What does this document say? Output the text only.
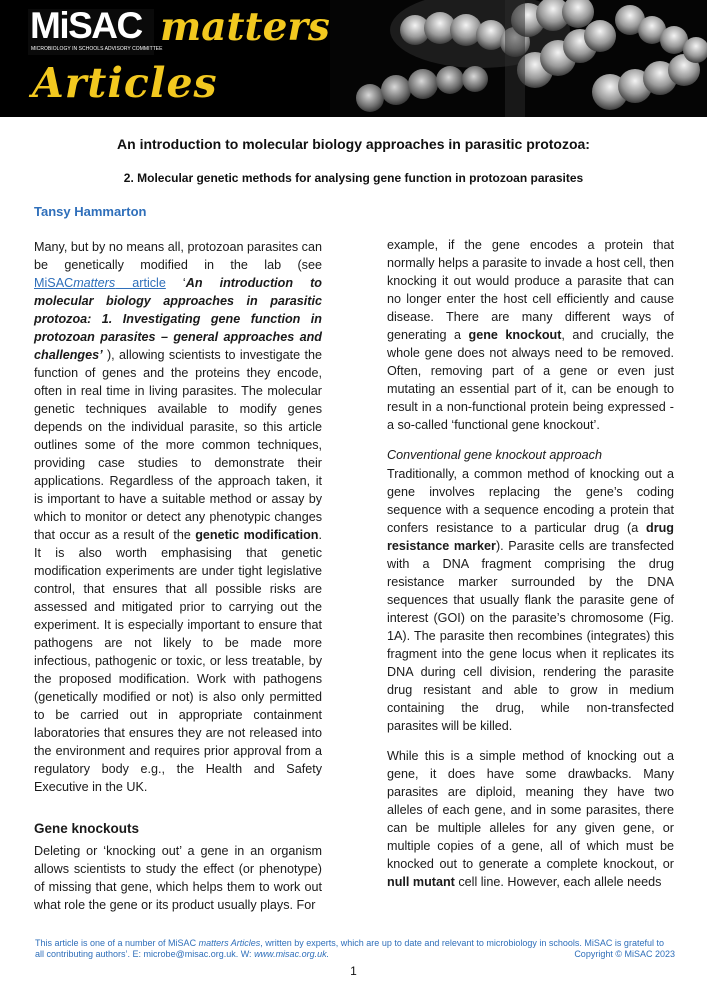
MiSAC
MICROBIOLOGY IN SCHOOLS ADVISORY COMMITTEE
matters
Articles
An introduction to molecular biology approaches in parasitic protozoa:
2. Molecular genetic methods for analysing gene function in protozoan parasites
Tansy Hammarton

Many, but by no means all, protozoan parasites can be genetically modified in the lab (see MiSACmatters article ‘An introduction to molecular biology approaches in parasitic protozoa: 1. Investigating gene function in protozoan parasites – general approaches and challenges’ ), allowing scientists to investigate the function of genes and the proteins they encode, often in real time in living parasites. The molecular genetic techniques available to modify genes depends on the individual parasite, so this article outlines some of the more common techniques, providing case studies to demonstrate their applications. Regardless of the approach taken, it is important to have a suitable method or assay by which to monitor or detect any phenotypic changes that occur as a result of the genetic modification. It is also worth emphasising that genetic modification experiments are under tight legislative control, that ensures that all possible risks are assessed and mitigated prior to carrying out the experiment. It is especially important to ensure that pathogens are not likely to be made more infectious, pathogenic or toxic, or less treatable, by the proposed modification. Work with pathogens (genetically modified or not) is also only permitted to be carried out in appropriate containment laboratories that ensures they are not released into the environment and requires prior approval from a regulatory body e.g., the Health and Safety Executive in the UK.

Gene knockouts

Deleting or ‘knocking out’ a gene in an organism allows scientists to study the effect (or phenotype) of missing that gene, which helps them to work out what role the gene or its product usually plays. For

example, if the gene encodes a protein that normally helps a parasite to invade a host cell, then knocking it out would produce a parasite that can no longer enter the host cell efficiently and cause disease. There are many different ways of generating a gene knockout, and crucially, the whole gene does not always need to be removed. Often, removing part of a gene or even just mutating an essential part of it, can be enough to result in a non-functional protein being expressed - a so-called ‘functional gene knockout’.

Conventional gene knockout approach

Traditionally, a common method of knocking out a gene involves replacing the gene’s coding sequence with a sequence encoding a protein that confers resistance to a particular drug (a drug resistance marker). Parasite cells are transfected with a DNA fragment comprising the drug resistance marker surrounded by the DNA sequences that usually flank the parasite gene of interest (GOI) on the parasite’s chromosome (Fig. 1A). The parasite then recombines (integrates) this fragment into the gene locus when it replicates its DNA during cell division, rendering the parasite drug resistant and able to grow in medium containing the drug, while non-transfected parasites will be killed.

While this is a simple method of knocking out a gene, it does have some drawbacks. Many parasites are diploid, meaning they have two alleles of each gene, and in some parasites, there can be multiple alleles for any given gene, or multiple copies of a gene, all of which must be knocked out to generate a complete knockout, or null mutant cell line. However, each allele needs

This article is one of a number of MiSAC matters Articles, written by experts, which are up to date and relevant to microbiology in schools. MiSAC is grateful to all contributing authors’. E: microbe@misac.org.uk. W: www.misac.org.uk.	Copyright © MiSAC 2023
1
